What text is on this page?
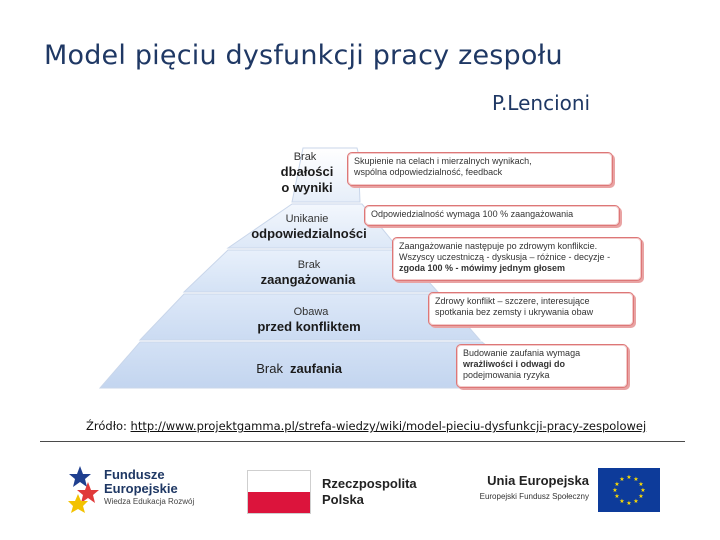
Model pięciu dysfunkcji pracy zespołu
P.Lencioni
Brak
dbałości
o wyniki
Unikanie
odpowiedzialności
Brak
zaangażowania
Obawa
przed konfliktem
Brak zaufania
Skupienie na celach i mierzalnych wynikach,
wspólna odpowiedzialność, feedback
Odpowiedzialność wymaga 100 % zaangażowania
Zaangażowanie następuje po zdrowym konflikcie.
Wszyscy uczestniczą - dyskusja – różnice - decyzje -
zgoda 100 % - mówimy jednym głosem
Zdrowy konflikt – szczere, interesujące
spotkania bez zemsty i ukrywania obaw
Budowanie zaufania wymaga
wrażliwości i odwagi do
podejmowania ryzyka
Źródło: http://www.projektgamma.pl/strefa-wiedzy/wiki/model-pieciu-dysfunkcji-pracy-zespolowej
Fundusze
Europejskie
Wiedza Edukacja Rozwój
Rzeczpospolita
Polska
Unia Europejska
Europejski Fundusz Społeczny
★ ★
★
★
★
★
★
★
★
★
★
★
